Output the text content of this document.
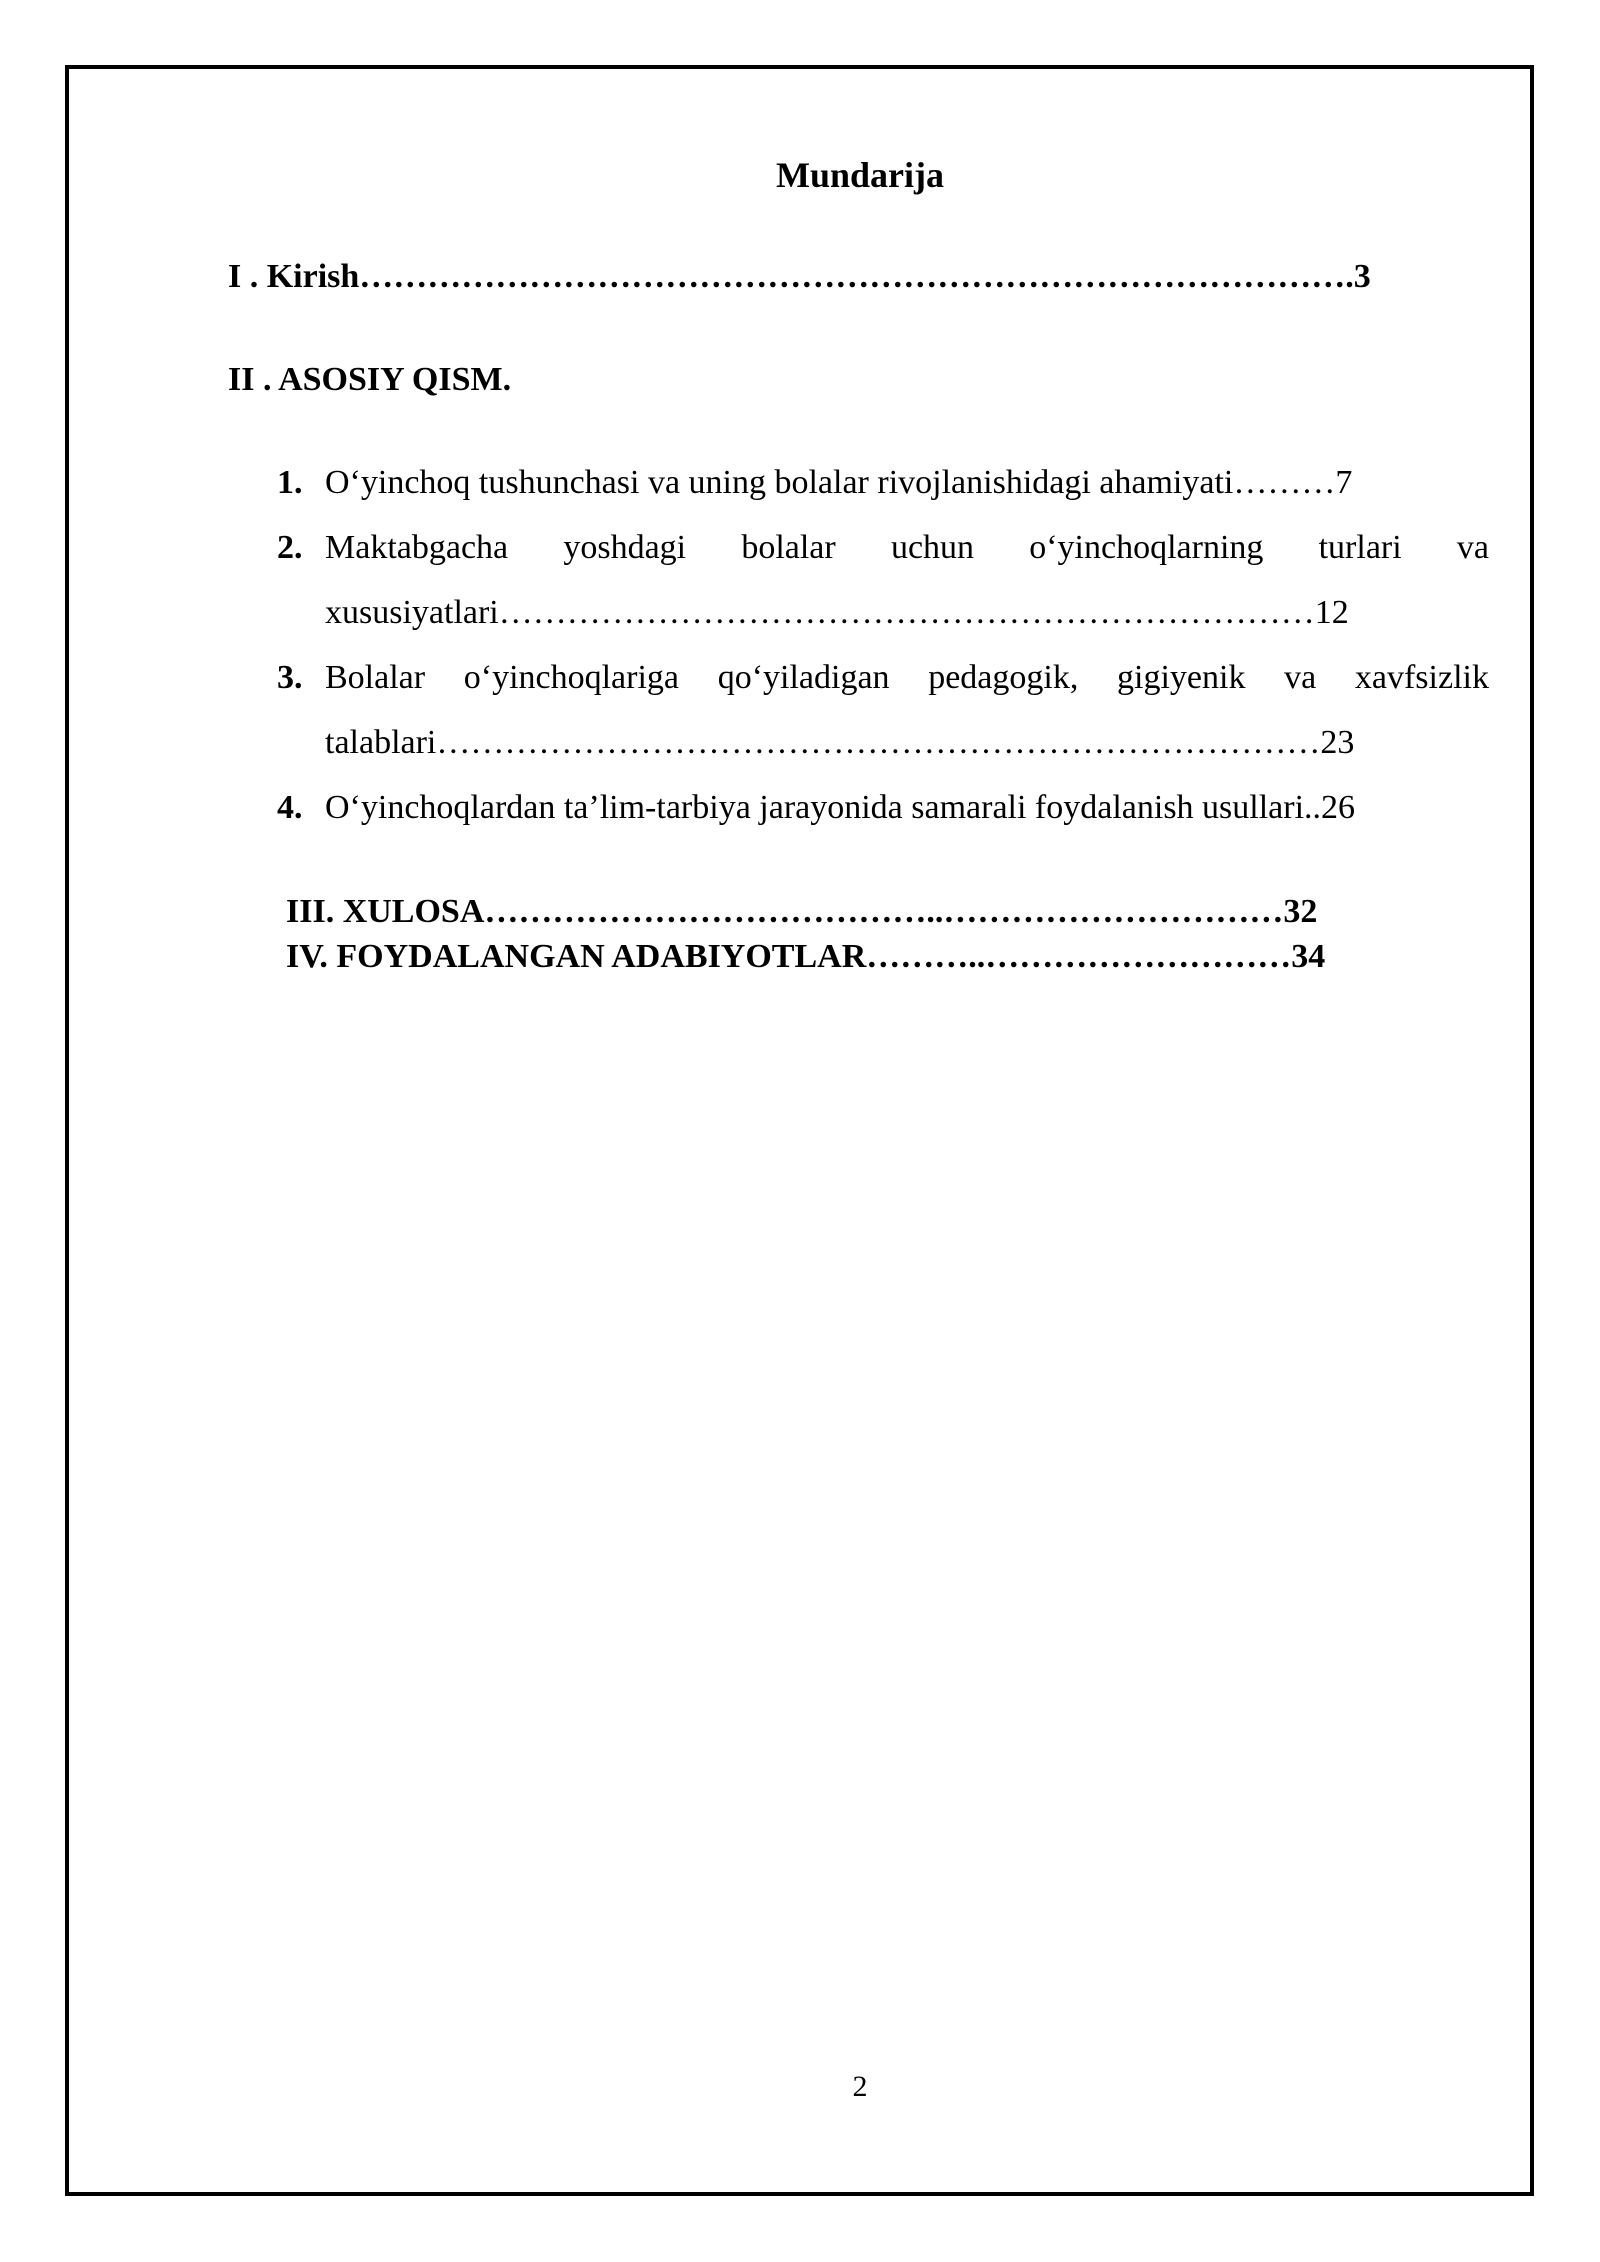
Mundarija
I . Kirish…………………………………………………………………………….3
II . ASOSIY QISM.
1. O‘yinchoq tushunchasi va uning bolalar rivojlanishidagi ahamiyati………7
2. Maktabgacha yoshdagi bolalar uchun o‘yinchoqlarning turlari va
xususiyatlari………………………………………………………………12
3. Bolalar o‘yinchoqlariga qo‘yiladigan pedagogik, gigiyenik va xavfsizlik
talablari……………………………………………………………………23
4. O‘yinchoqlardan ta’lim-tarbiya jarayonida samarali foydalanish usullari..26
III. XULOSA…………………………………..…………………………32
IV. FOYDALANGAN ADABIYOTLAR………..………………………34
2
